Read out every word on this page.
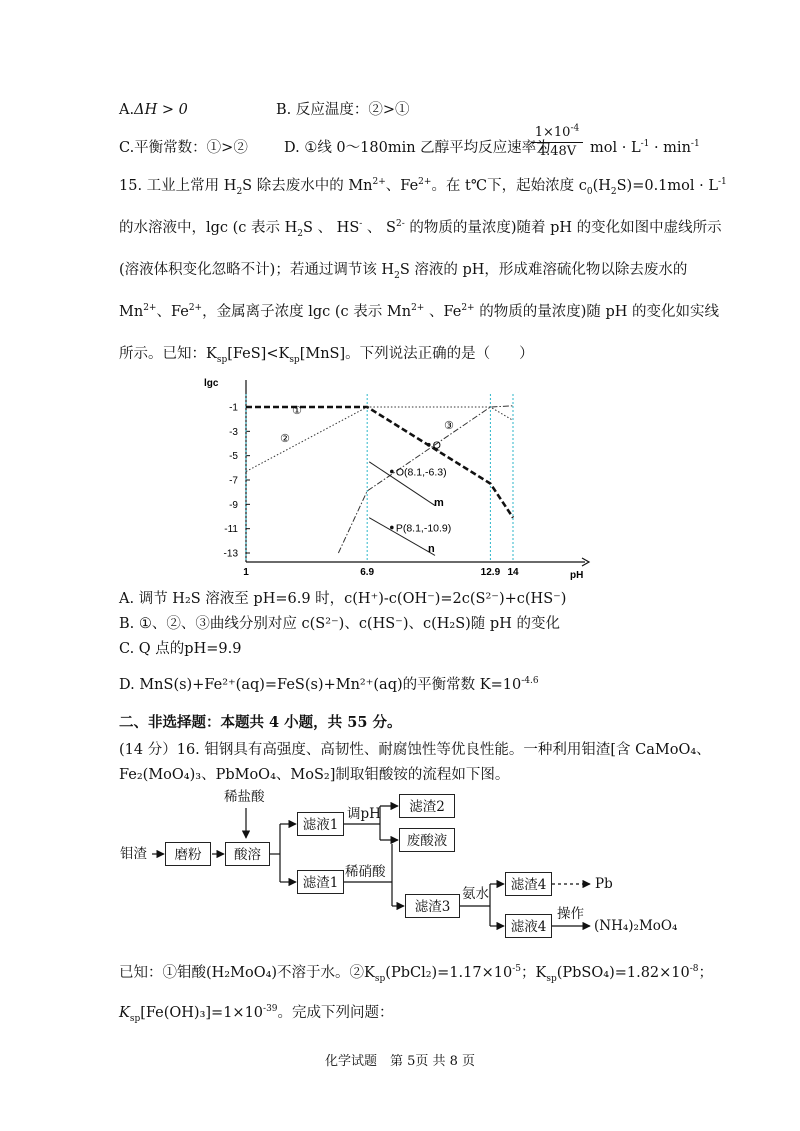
A.ΔH > 0	B. 反应温度：②>①
C.平衡常数：①>② D. ①线 0～180min 乙醇平均反应速率为
$1\times 10^{-4}$
4.48V mol · $L^{-1} \cdot \min^{-1}$
15. 工业上常用 $H_2S$ 除去废水中的 $Mn^{2+}$、$Fe^{2+}$。在 t℃下，起始浓度 $c_0(H_2S)=0.1mol \cdot L^{-1}$
的水溶液中，lgc (c 表示 $H_2S$ 、 HS- 、 $S^{2-}$ 的物质的量浓度)随着 pH 的变化如图中虚线所示
(溶液体积变化忽略不计)；若通过调节该 $H_2S$ 溶液的 pH，形成难溶硫化物以除去废水的
$Mn^{2+}$、$Fe^{2+}$，金属离子浓度 lgc (c 表示 $Mn^{2+}$ 、$Fe^{2+}$ 的物质的量浓度)随 pH 的变化如实线
所示。已知：$K_{sp}[FeS]<K_{sp}[MnS]$。下列说法正确的是（　　）
lgc
pH
-1
-3
-5
-7
-9
-11
-13
1	6.9	12.9 14
①
②
③
O(8.1,-6.3)
P(8.1,-10.9)
Q
m
n
A. 调节 H₂S 溶液至 pH=6.9 时，c(H⁺)-c(OH⁻)=2c(S²⁻)+c(HS⁻)
B. ①、②、③曲线分别对应 c(S²⁻)、c(HS⁻)、c(H₂S)随 pH 的变化
C. Q 点的pH=9.9
D. MnS(s)+Fe²⁺(aq)=FeS(s)+Mn²⁺(aq)的平衡常数 $K=10^{-4.6}$
二、非选择题：本题共 4 小题，共 55 分。
(14 分）16. 钼钢具有高强度、高韧性、耐腐蚀性等优良性能。一种利用钼渣[含 CaMoO₄、
Fe₂(MoO₄)₃、PbMoO₄、MoS₂]制取钼酸铵的流程如下图。
钼渣	磨粉	酸溶
稀盐酸
滤液1
滤渣1
调pH	滤渣2
废酸液
稀硝酸
滤渣3
氨水
滤渣4
滤液4
Pb
操作
(NH₄)₂MoO₄
已知：①钼酸(H₂MoO₄)不溶于水。$②K_{sp}(PbCl_2)=1.17\times 10^{-5}$；$K_{sp}(PbSO_4)=1.82\times 10^{-8}$；
$K_{sp}[Fe(OH)_3]=1\times 10^{-39}$。完成下列问题：
化学试题　第 5页 共 8 页
